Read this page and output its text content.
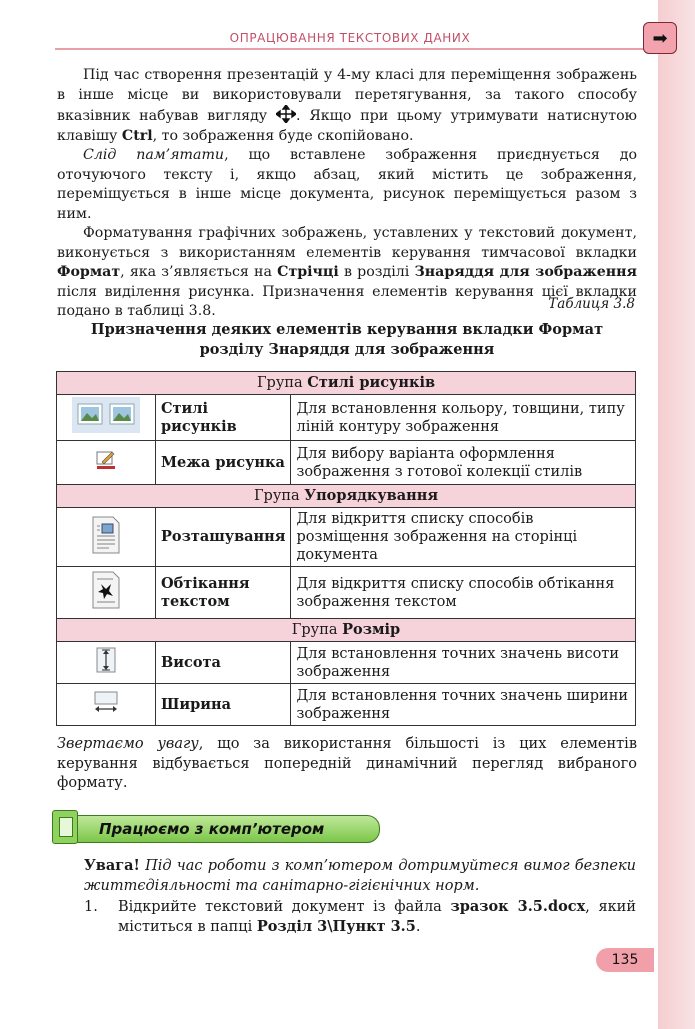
ОПРАЦЮВАННЯ ТЕКСТОВИХ ДАНИХ	➡

Під час створення презентацій у 4-му класі для переміщення зображень в інше місце ви використовували перетягування, за такого способу вказівник набував вигляду . Якщо при цьому утримувати натиснутою клавішу Ctrl, то зображення буде скопійовано.

Слід пам’ятати, що вставлене зображення приєднується до оточуючого тексту і, якщо абзац, який містить це зображення, переміщується в інше місце документа, рисунок переміщується разом з ним.

Форматування графічних зображень, уставлених у текстовий документ, виконується з використанням елементів керування тимчасової вкладки Формат, яка з’являється на Стрічці в розділі Знаряддя для зображення після виділення рисунка. Призначення елементів керування цієї вкладки подано в таблиці 3.8.	Таблиця 3.8
Призначення деяких елементів керування вкладки Формат
розділу Знаряддя для зображення
Група Стилі рисунків		
	Стилі рисунків	Для встановлення кольору, товщини, типу ліній контуру зображення
	Межа рисунка	Для вибору варіанта оформлення зображення з готової колекції стилів
Група Упорядкування		
	Розташування	Для відкриття списку способів розміщення зображення на сторінці документа
	Обтікання текстом	Для відкриття списку способів обтікання зображення текстом
Група Розмір		
	Висота	Для встановлення точних значень висоти зображення
	Ширина	Для встановлення точних значень ширини зображення
Звертаємо увагу, що за використання більшості із цих елементів керування відбувається попередній динамічний перегляд вибраного формату.
Працюємо з комп’ютером
Увага! Під час роботи з комп’ютером дотримуйтеся вимог безпеки життєдіяльності та санітарно-гігієнічних норм.
1. Відкрийте текстовий документ із файла зразок 3.5.docx, який міститься в папці Розділ 3\Пункт 3.5.
135
